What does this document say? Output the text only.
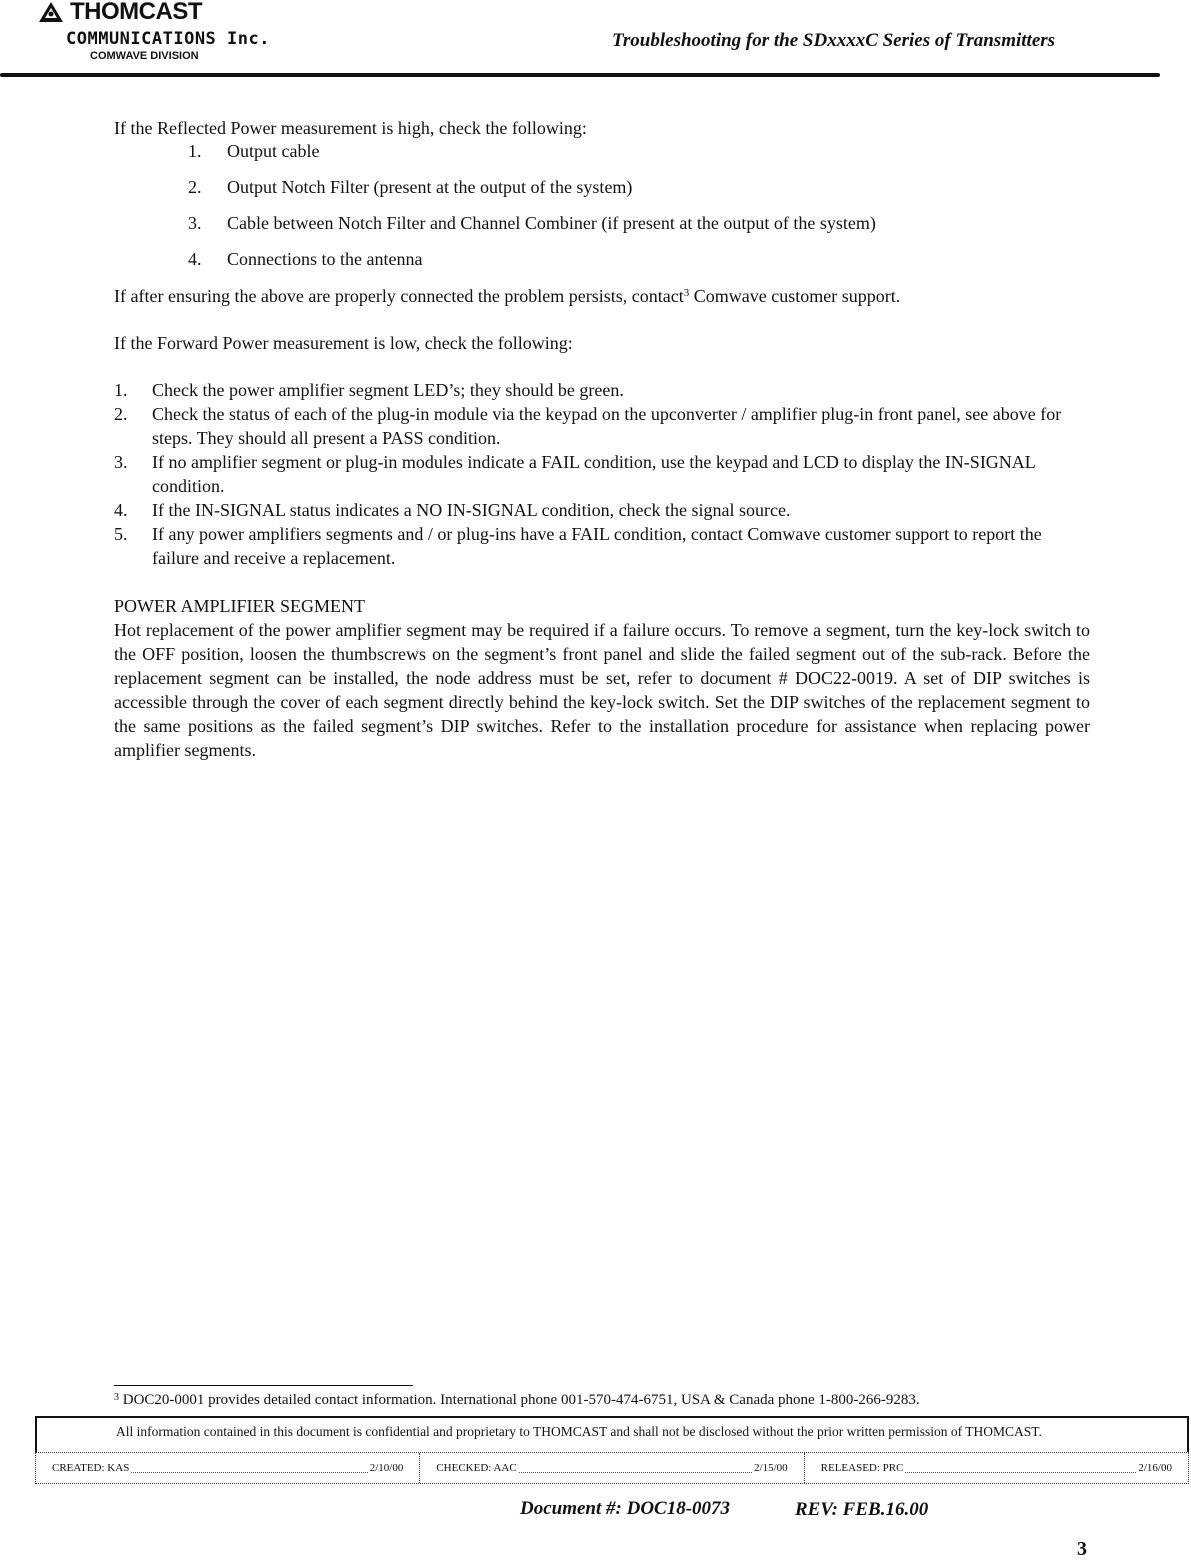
THOMCAST
COMMUNICATIONS Inc.
COMWAVE DIVISION
Troubleshooting for the SDxxxxC Series of Transmitters
If the Reflected Power measurement is high, check the following:
1. Output cable
2. Output Notch Filter (present at the output of the system)
3. Cable between Notch Filter and Channel Combiner (if present at the output of the system)
4. Connections to the antenna
If after ensuring the above are properly connected the problem persists, contact$^3$ Comwave customer support.
If the Forward Power measurement is low, check the following:
1. Check the power amplifier segment LED’s; they should be green.
2. Check the status of each of the plug-in module via the keypad on the upconverter / amplifier plug-in front panel, see above for steps. They should all present a PASS condition.
3. If no amplifier segment or plug-in modules indicate a FAIL condition, use the keypad and LCD to display the IN-SIGNAL condition.
4. If the IN-SIGNAL status indicates a NO IN-SIGNAL condition, check the signal source.
5. If any power amplifiers segments and / or plug-ins have a FAIL condition, contact Comwave customer support to report the failure and receive a replacement.
POWER AMPLIFIER SEGMENT
Hot replacement of the power amplifier segment may be required if a failure occurs. To remove a segment, turn the key-lock switch to the OFF position, loosen the thumbscrews on the segment’s front panel and slide the failed segment out of the sub-rack. Before the replacement segment can be installed, the node address must be set, refer to document # DOC22-0019. A set of DIP switches is accessible through the cover of each segment directly behind the key-lock switch. Set the DIP switches of the replacement segment to the same positions as the failed segment’s DIP switches. Refer to the installation procedure for assistance when replacing power amplifier segments.
$^3$ DOC20-0001 provides detailed contact information. International phone 001-570-474-6751, USA & Canada phone 1-800-266-9283.
All information contained in this document is confidential and proprietary to THOMCAST and shall not be disclosed without the prior written permission of THOMCAST.
CREATED: KAS	2/10/00	CHECKED: AAC	2/15/00	RELEASED: PRC	2/16/00
Document #: DOC18-0073	REV: FEB.16.00
3
